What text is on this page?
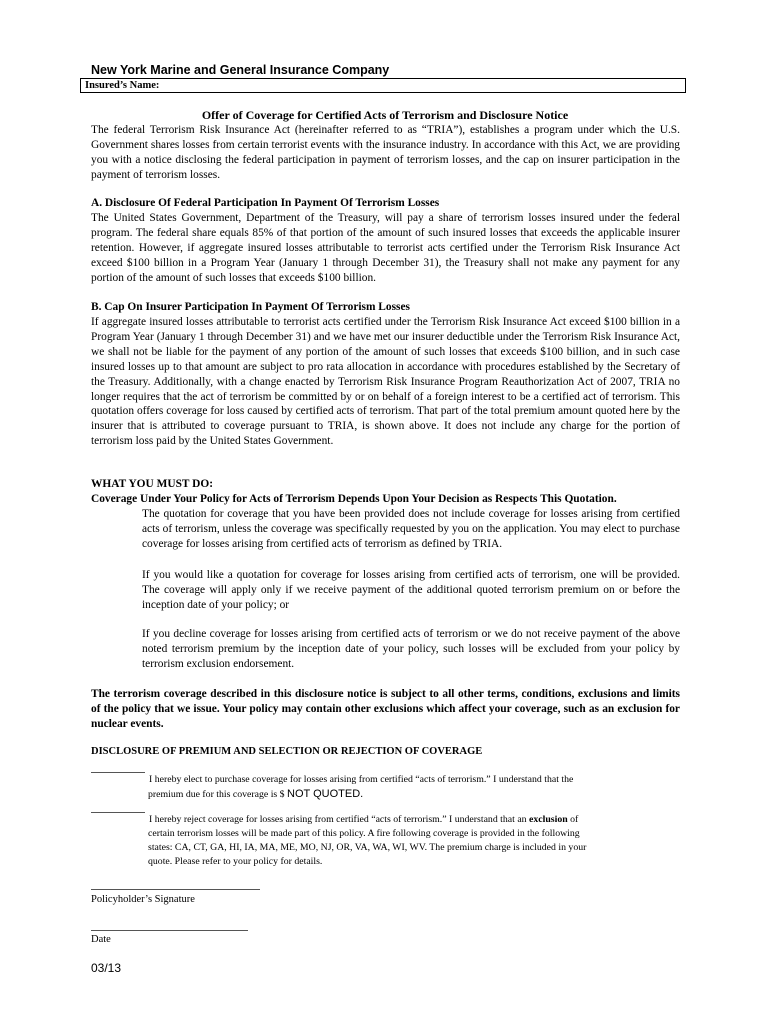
New York Marine and General Insurance Company
Insured’s Name:
Offer of Coverage for Certified Acts of Terrorism and Disclosure Notice

The federal Terrorism Risk Insurance Act (hereinafter referred to as “TRIA”), establishes a program under which the U.S. Government shares losses from certain terrorist events with the insurance industry. In accordance with this Act, we are providing you with a notice disclosing the federal participation in payment of terrorism losses, and the cap on insurer participation in the payment of terrorism losses.

A. Disclosure Of Federal Participation In Payment Of Terrorism Losses

The United States Government, Department of the Treasury, will pay a share of terrorism losses insured under the federal program. The federal share equals 85% of that portion of the amount of such insured losses that exceeds the applicable insurer retention. However, if aggregate insured losses attributable to terrorist acts certified under the Terrorism Risk Insurance Act exceed $100 billion in a Program Year (January 1 through December 31), the Treasury shall not make any payment for any portion of the amount of such losses that exceeds $100 billion.

B. Cap On Insurer Participation In Payment Of Terrorism Losses

If aggregate insured losses attributable to terrorist acts certified under the Terrorism Risk Insurance Act exceed $100 billion in a Program Year (January 1 through December 31) and we have met our insurer deductible under the Terrorism Risk Insurance Act, we shall not be liable for the payment of any portion of the amount of such losses that exceeds $100 billion, and in such case insured losses up to that amount are subject to pro rata allocation in accordance with procedures established by the Secretary of the Treasury. Additionally, with a change enacted by Terrorism Risk Insurance Program Reauthorization Act of 2007, TRIA no longer requires that the act of terrorism be committed by or on behalf of a foreign interest to be a certified act of terrorism. This quotation offers coverage for loss caused by certified acts of terrorism. That part of the total premium amount quoted here by the insurer that is attributed to coverage pursuant to TRIA, is shown above. It does not include any charge for the portion of terrorism loss paid by the United States Government.

WHAT YOU MUST DO:

Coverage Under Your Policy for Acts of Terrorism Depends Upon Your Decision as Respects This Quotation.

The quotation for coverage that you have been provided does not include coverage for losses arising from certified acts of terrorism, unless the coverage was specifically requested by you on the application. You may elect to purchase coverage for losses arising from certified acts of terrorism as defined by TRIA.

If you would like a quotation for coverage for losses arising from certified acts of terrorism, one will be provided. The coverage will apply only if we receive payment of the additional quoted terrorism premium on or before the inception date of your policy; or

If you decline coverage for losses arising from certified acts of terrorism or we do not receive payment of the above noted terrorism premium by the inception date of your policy, such losses will be excluded from your policy by terrorism exclusion endorsement.

The terrorism coverage described in this disclosure notice is subject to all other terms, conditions, exclusions and limits of the policy that we issue. Your policy may contain other exclusions which affect your coverage, such as an exclusion for nuclear events.

DISCLOSURE OF PREMIUM AND SELECTION OR REJECTION OF COVERAGE

I hereby elect to purchase coverage for losses arising from certified “acts of terrorism.” I understand that the

premium due for this coverage is $ NOT QUOTED.

I hereby reject coverage for losses arising from certified “acts of terrorism.” I understand that an exclusion of

certain terrorism losses will be made part of this policy. A fire following coverage is provided in the following

states: CA, CT, GA, HI, IA, MA, ME, MO, NJ, OR, VA, WA, WI, WV. The premium charge is included in your

quote. Please refer to your policy for details.

Policyholder’s Signature
Date
03/13
